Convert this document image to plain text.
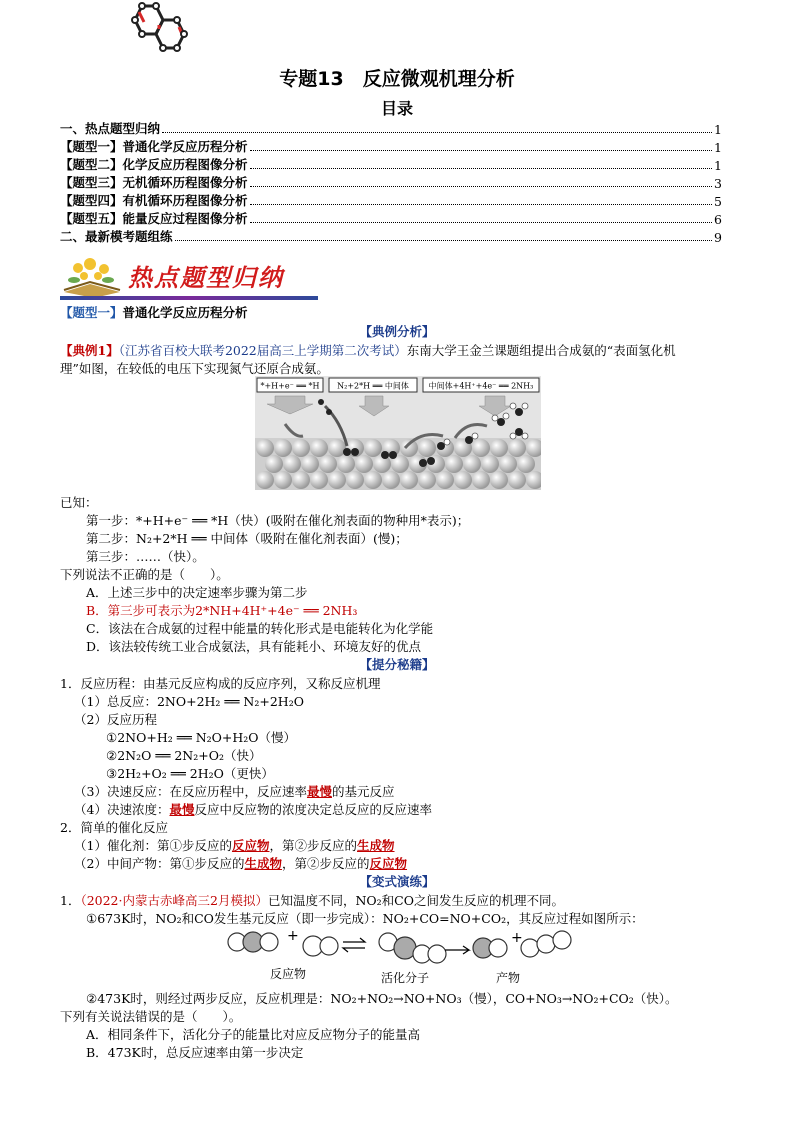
专题13　反应微观机理分析
目录
一、热点题型归纳	1
【题型一】普通化学反应历程分析	1
【题型二】化学反应历程图像分析	1
【题型三】无机循环历程图像分析	3
【题型四】有机循环历程图像分析	5
【题型五】能量反应过程图像分析	6
二、最新模考题组练	9
热点题型归纳
【题型一】普通化学反应历程分析
【典例分析】
【典例1】（江苏省百校大联考2022届高三上学期第二次考试）东南大学王金兰课题组提出合成氨的“表面氢化机
理”如图，在较低的电压下实现氮气还原合成氨。
*+H+e⁻ ══ *H N₂+2*H ══ 中间体 中间体+4H⁺+4e⁻ ══ 2NH₃
已知：
第一步：*+H+e⁻ ══ *H（快）(吸附在催化剂表面的物种用*表示)；
第二步：N₂+2*H ══ 中间体（吸附在催化剂表面）(慢)；
第三步：……（快）。
下列说法不正确的是（　　）。
A．上述三步中的决定速率步骤为第二步
B．第三步可表示为2*NH+4H⁺+4e⁻ ══ 2NH₃
C．该法在合成氨的过程中能量的转化形式是电能转化为化学能
D．该法较传统工业合成氨法，具有能耗小、环境友好的优点
【提分秘籍】
1．反应历程：由基元反应构成的反应序列，又称反应机理
（1）总反应：2NO+2H₂ ══ N₂+2H₂O
（2）反应历程
①2NO+H₂ ══ N₂O+H₂O（慢）
②2N₂O ══ 2N₂+O₂（快）
③2H₂+O₂ ══ 2H₂O（更快）
（3）决速反应：在反应历程中，反应速率最慢的基元反应
（4）决速浓度：最慢反应中反应物的浓度决定总反应的反应速率
2．简单的催化反应
（1）催化剂：第①步反应的反应物，第②步反应的生成物
（2）中间产物：第①步反应的生成物，第②步反应的反应物
【变式演练】
1．（2022·内蒙古赤峰高三2月模拟）已知温度不同，NO₂和CO之间发生反应的机理不同。
①673K时，NO₂和CO发生基元反应（即一步完成）：NO₂+CO=NO+CO₂，其反应过程如图所示：
+	+
反应物	活化分子	产物
②473K时，则经过两步反应，反应机理是：NO₂+NO₂→NO+NO₃（慢），CO+NO₃→NO₂+CO₂（快）。
下列有关说法错误的是（　　）。
A．相同条件下，活化分子的能量比对应反应物分子的能量高
B．473K时，总反应速率由第一步决定
